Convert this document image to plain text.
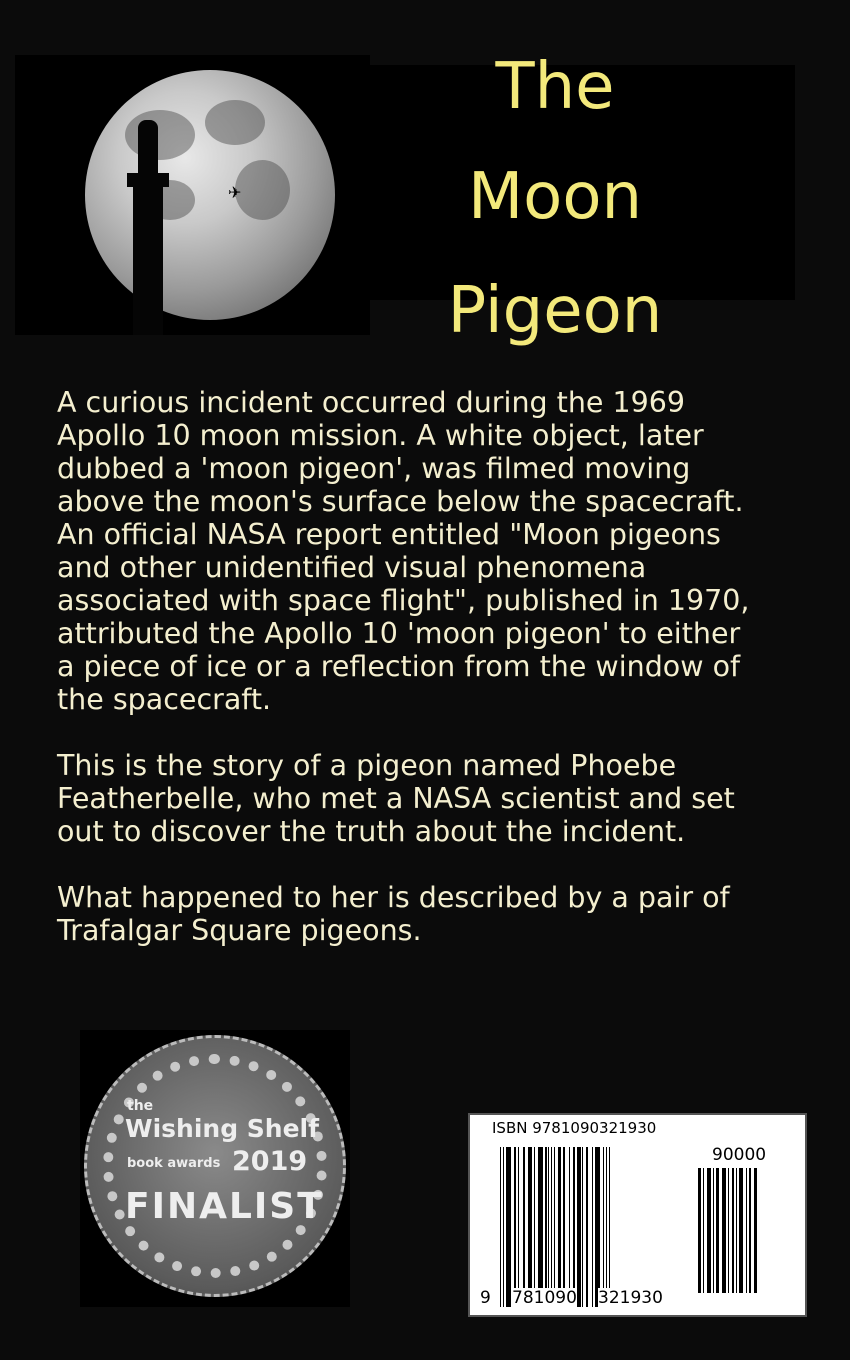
✈
The
Moon
Pigeon

A curious incident occurred during the 1969
Apollo 10 moon mission. A white object, later
dubbed a 'moon pigeon', was filmed moving
above the moon's surface below the spacecraft.
An official NASA report entitled "Moon pigeons
and other unidentified visual phenomena
associated with space flight", published in 1970,
attributed the Apollo 10 'moon pigeon' to either
a piece of ice or a reflection from the window of
the spacecraft.

This is the story of a pigeon named Phoebe
Featherbelle, who met a NASA scientist and set
out to discover the truth about the incident.

What happened to her is described by a pair of
Trafalgar Square pigeons.

the
Wishing Shelf
book awards 2019
FINALIST
ISBN 9781090321930
90000
9 781090 321930
